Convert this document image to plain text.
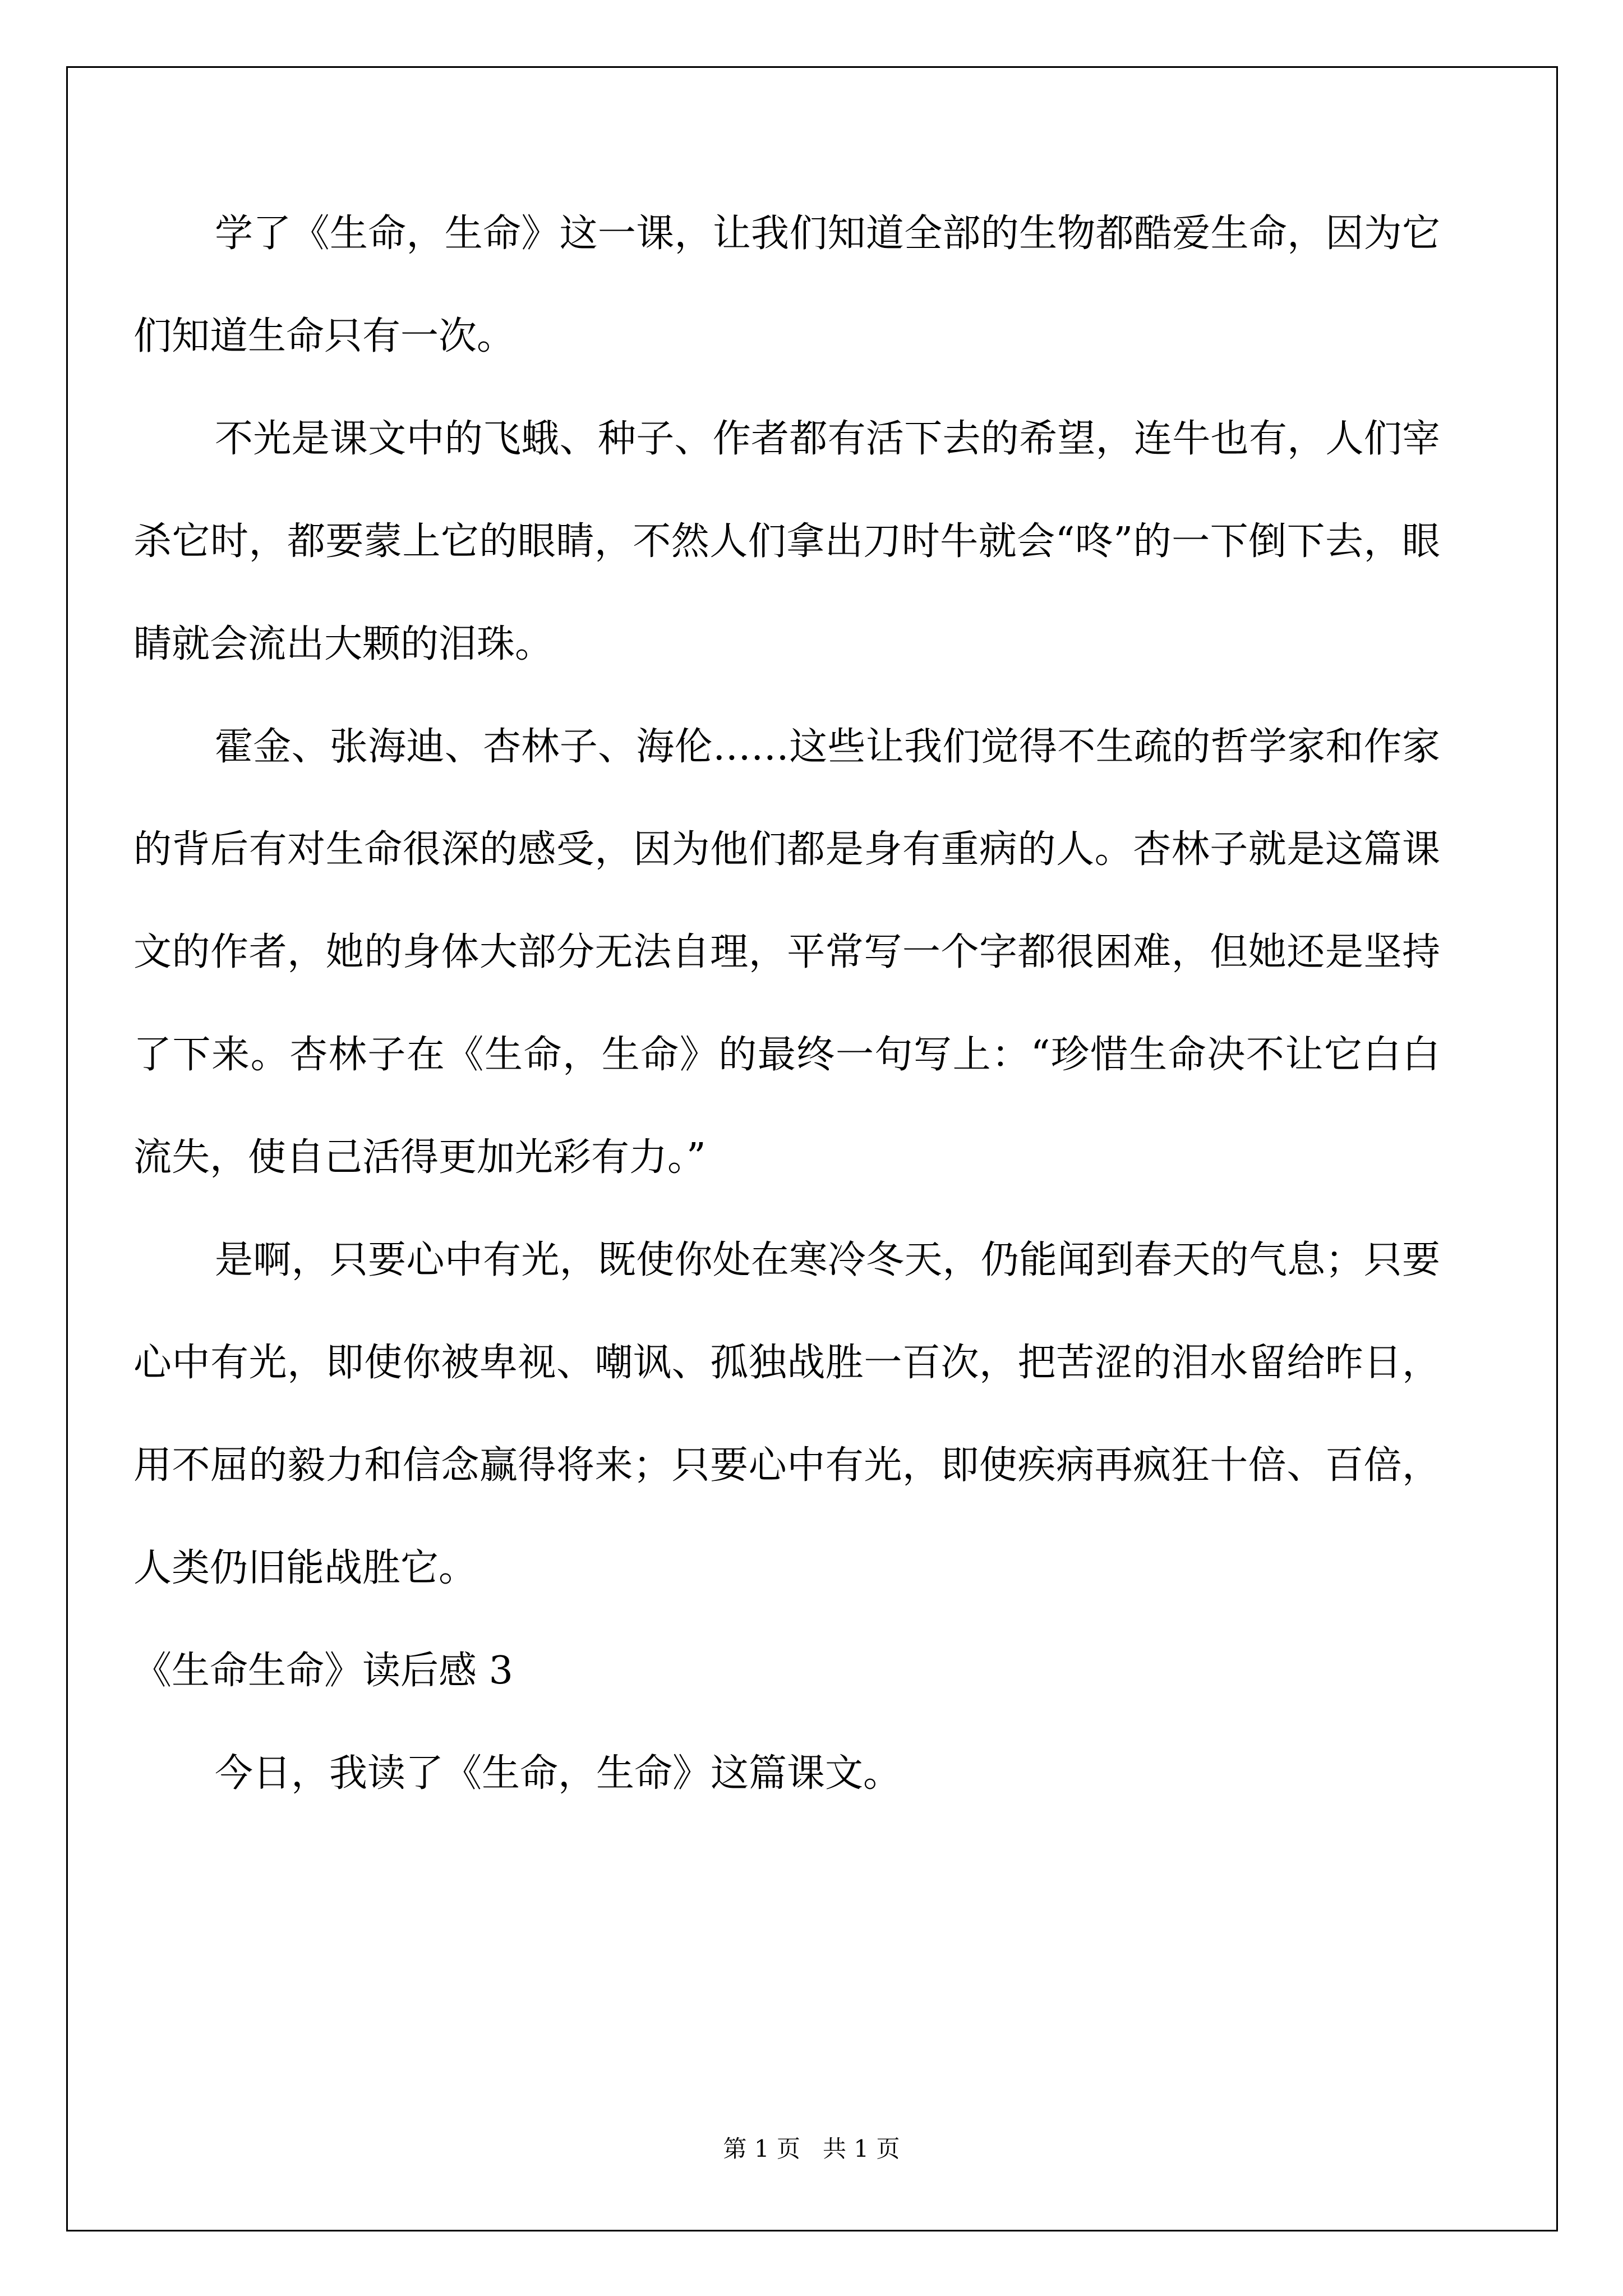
学了《生命，生命》这一课，让我们知道全部的生物都酷爱生命，因为它们知道生命只有一次。

不光是课文中的飞蛾、种子、作者都有活下去的希望，连牛也有，人们宰杀它时，都要蒙上它的眼睛，不然人们拿出刀时牛就会“咚”的一下倒下去，眼睛就会流出大颗的泪珠。

霍金、张海迪、杏林子、海伦……这些让我们觉得不生疏的哲学家和作家的背后有对生命很深的感受，因为他们都是身有重病的人。杏林子就是这篇课文的作者，她的身体大部分无法自理，平常写一个字都很困难，但她还是坚持了下来。杏林子在《生命，生命》的最终一句写上：“珍惜生命决不让它白白流失，使自己活得更加光彩有力。”

是啊，只要心中有光，既使你处在寒冷冬天，仍能闻到春天的气息；只要心中有光，即使你被卑视、嘲讽、孤独战胜一百次，把苦涩的泪水留给昨日，用不屈的毅力和信念赢得将来；只要心中有光，即使疾病再疯狂十倍、百倍，人类仍旧能战胜它。

《生命生命》读后感 3

今日，我读了《生命，生命》这篇课文。

第 1 页   共 1 页
